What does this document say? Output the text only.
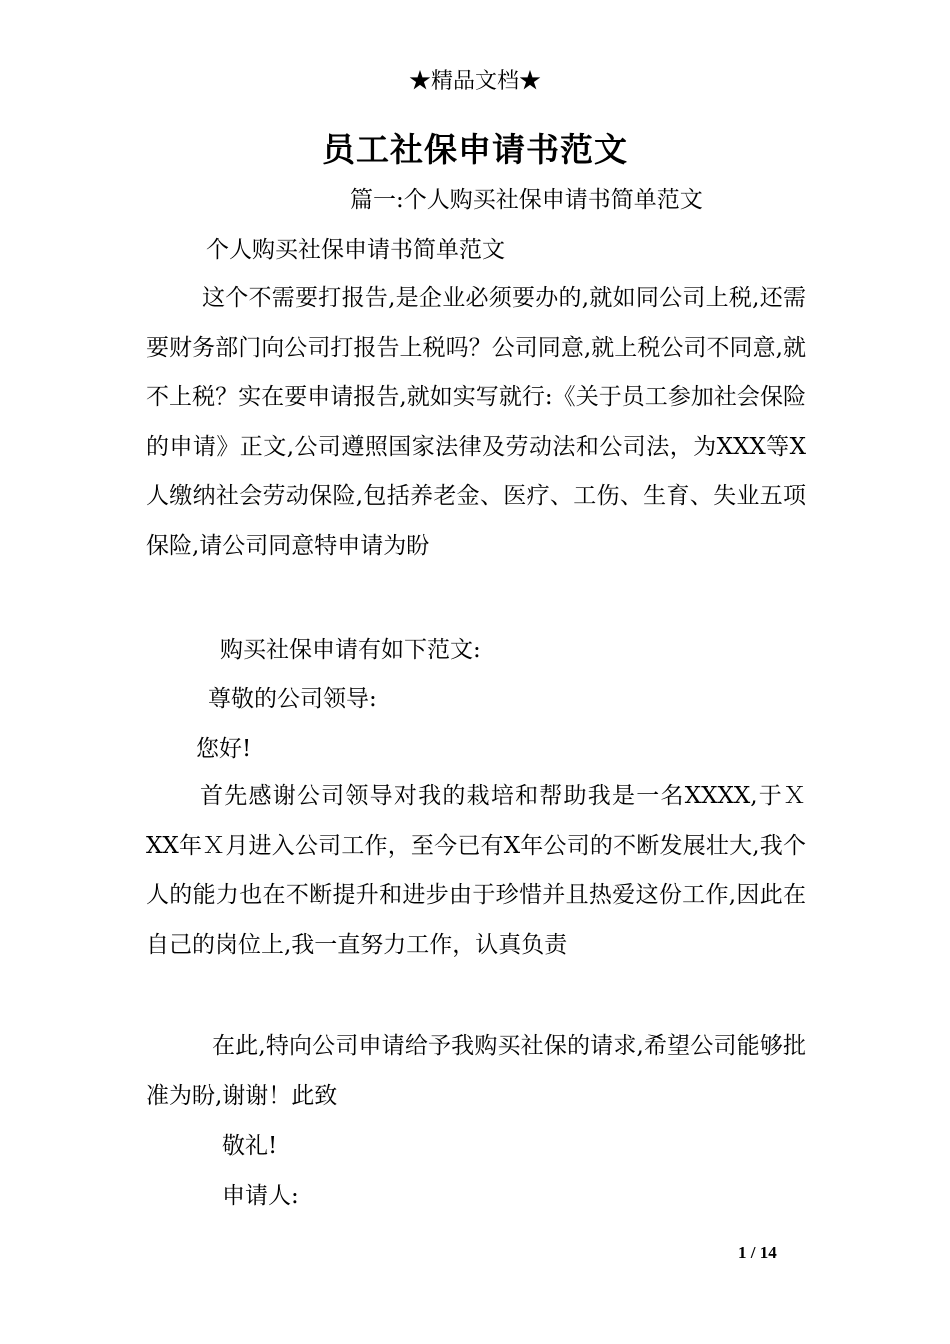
★精品文档★
员工社保申请书范文
篇一:个人购买社保申请书简单范文
个人购买社保申请书简单范文

这个不需要打报告,是企业必须要办的,就如同公司上税,还需要财务部门向公司打报告上税吗？公司同意,就上税公司不同意,就不上税？实在要申请报告,就如实写就行:《关于员工参加社会保险的申请》正文,公司遵照国家法律及劳动法和公司法，为XXX等X人缴纳社会劳动保险,包括养老金、医疗、工伤、生育、失业五项保险,请公司同意特申请为盼

购买社保申请有如下范文:
尊敬的公司领导:
您好!

首先感谢公司领导对我的栽培和帮助我是一名XXXX,于ＸXX年Ｘ月进入公司工作，至今已有X年公司的不断发展壮大,我个人的能力也在不断提升和进步由于珍惜并且热爱这份工作,因此在自己的岗位上,我一直努力工作，认真负责

在此,特向公司申请给予我购买社保的请求,希望公司能够批准为盼,谢谢！此致

敬礼!
申请人:
1 / 14
